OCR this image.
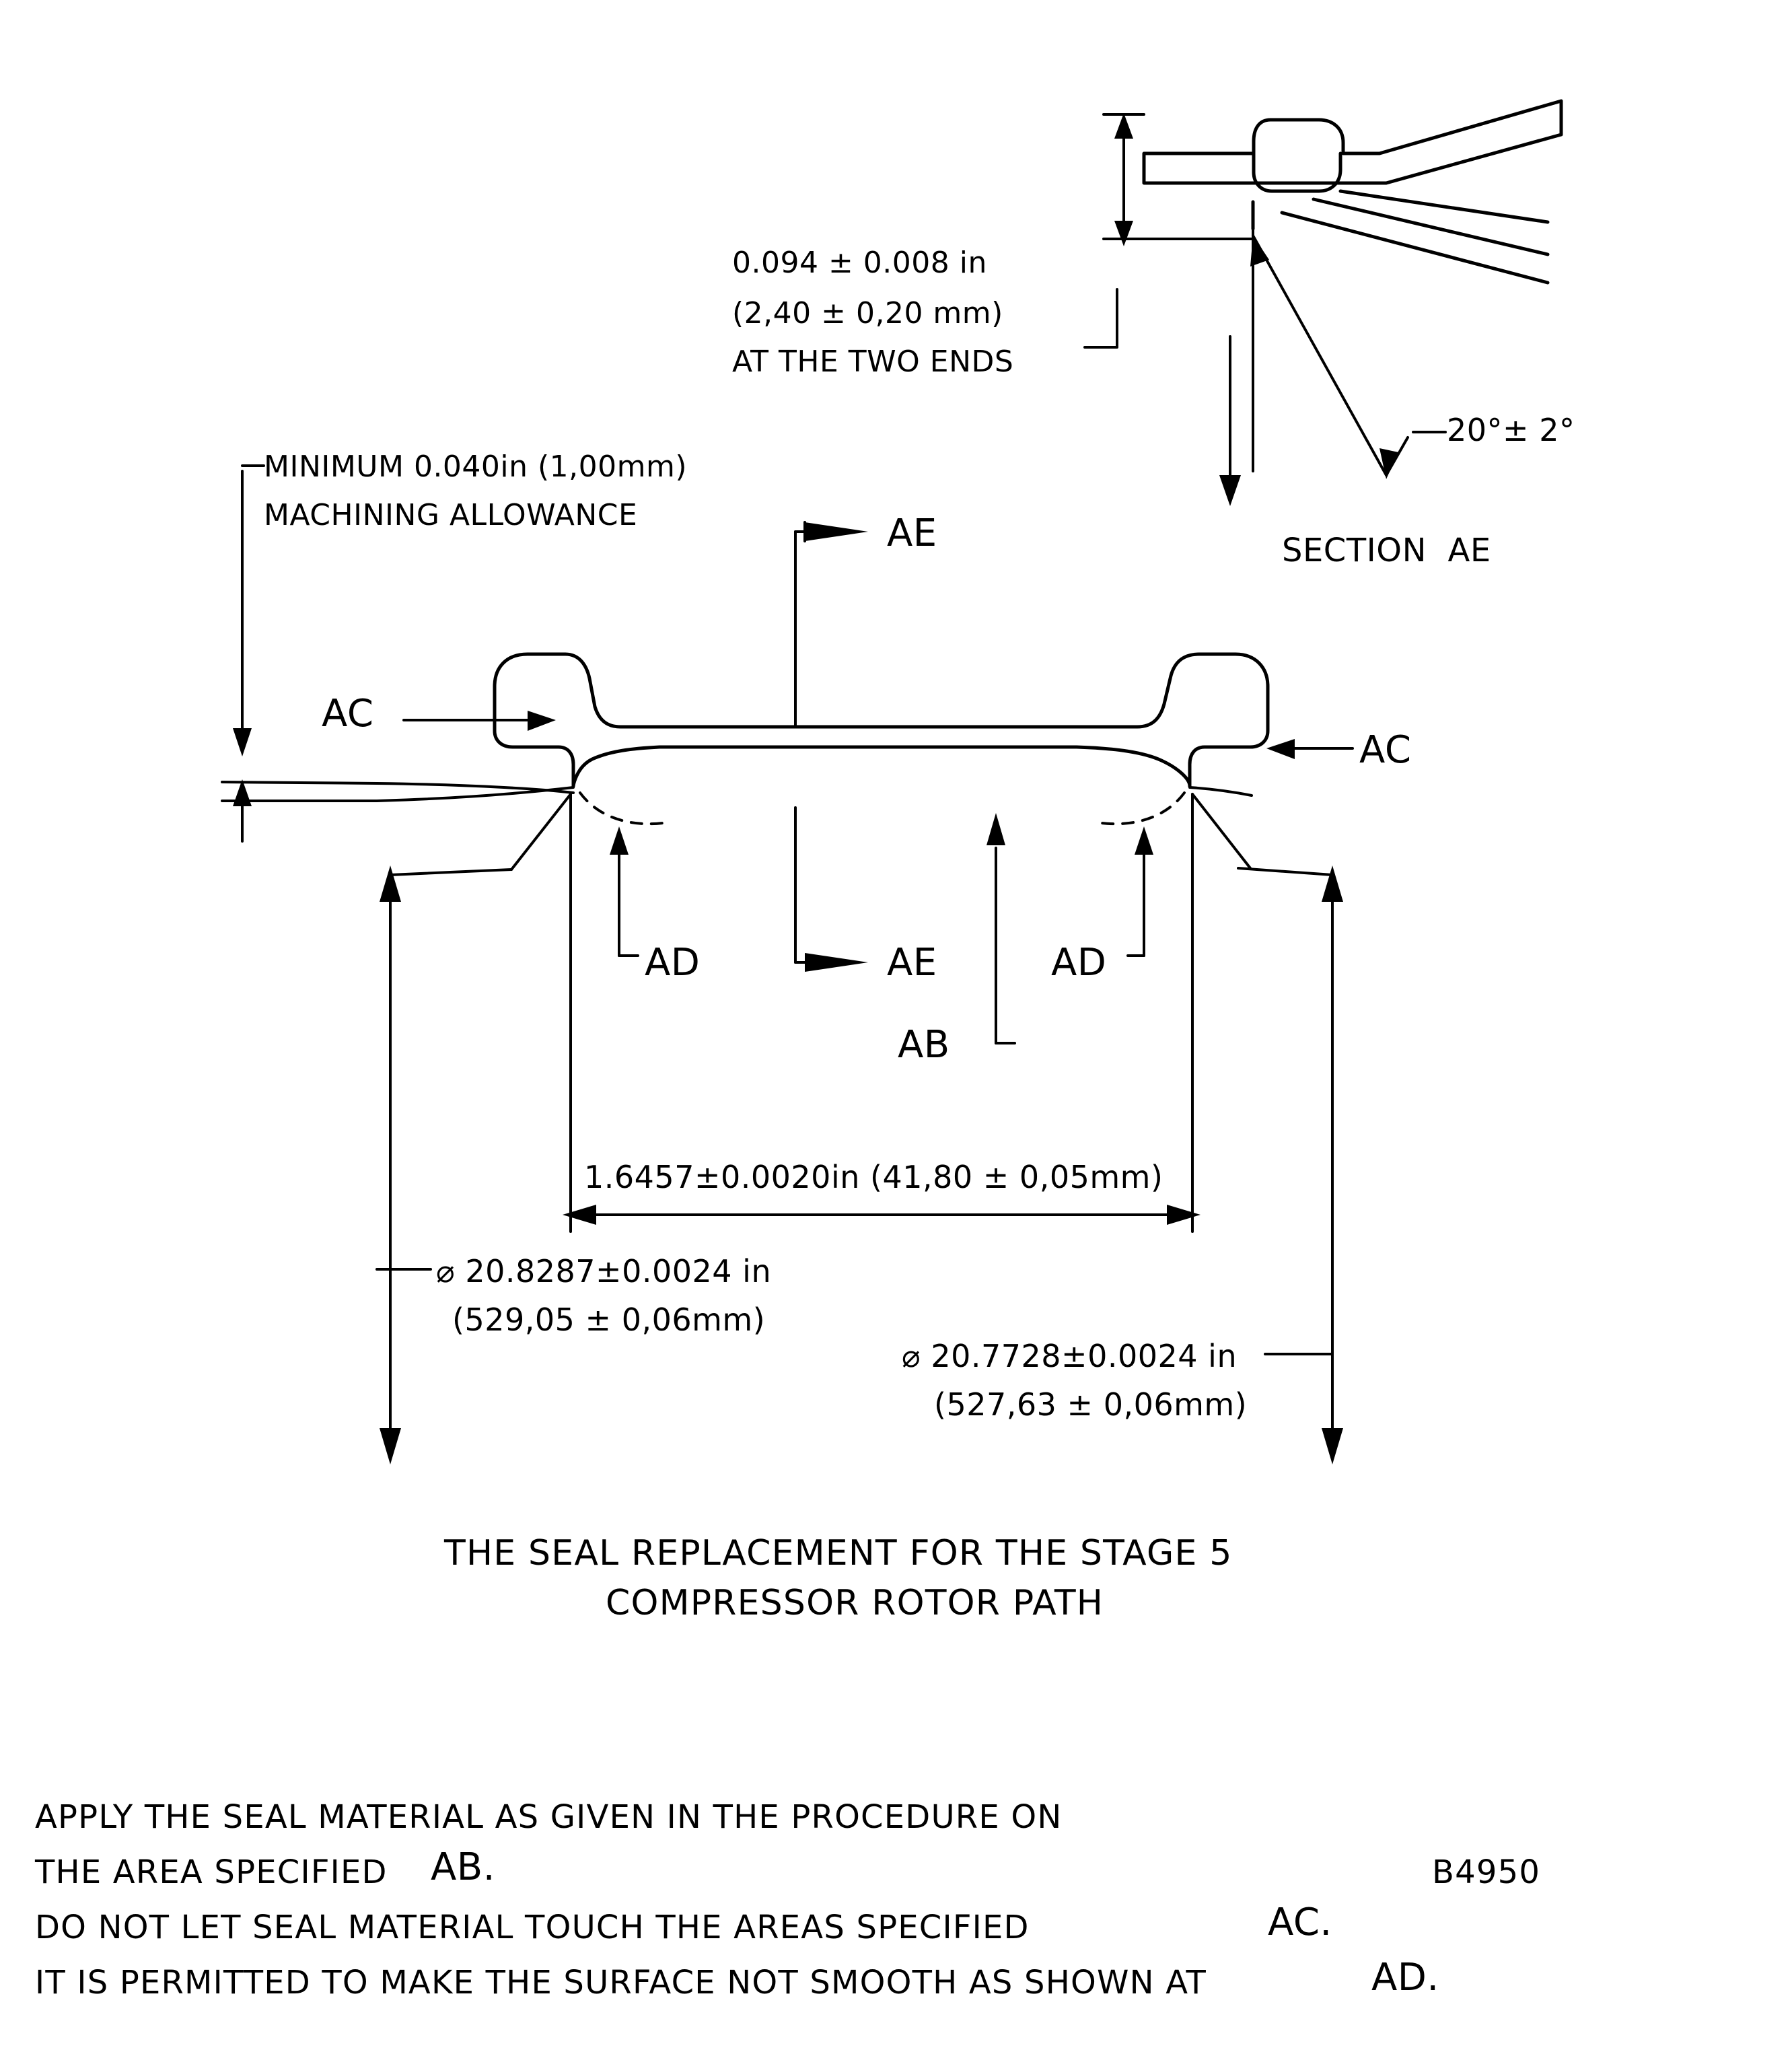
0.094 ± 0.008 in
(2,40 ± 0,20 mm)
AT THE TWO ENDS
20°± 2°
SECTION  AE
MINIMUM 0.040in (1,00mm)
MACHINING ALLOWANCE	AE
AE
AC
AC
AD	AD
AB
1.6457±0.0020in (41,80 ± 0,05mm)
⌀ 20.8287±0.0024 in
(529,05 ± 0,06mm)
⌀ 20.7728±0.0024 in
(527,63 ± 0,06mm)
THE SEAL REPLACEMENT FOR THE STAGE 5
COMPRESSOR ROTOR PATH
APPLY THE SEAL MATERIAL AS GIVEN IN THE PROCEDURE ON
THE AREA SPECIFIED AB.
DO NOT LET SEAL MATERIAL TOUCH THE AREAS SPECIFIED	AC.
IT IS PERMITTED TO MAKE THE SURFACE NOT SMOOTH AS SHOWN AT	AD.
B4950
